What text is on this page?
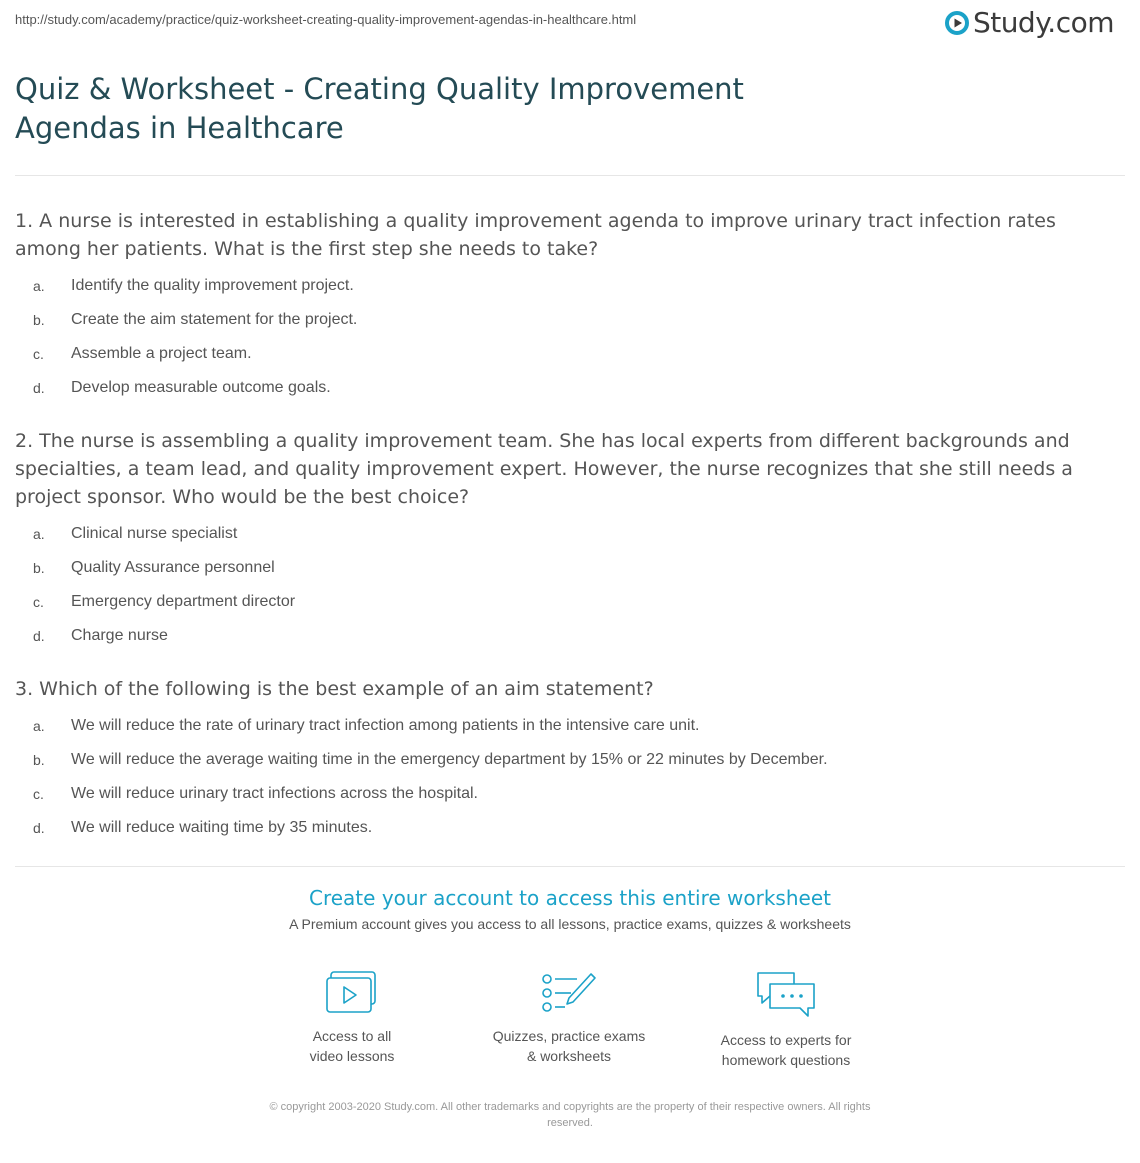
http://study.com/academy/practice/quiz-worksheet-creating-quality-improvement-agendas-in-healthcare.html	Study.com
Quiz & Worksheet - Creating Quality Improvement Agendas in Healthcare

1. A nurse is interested in establishing a quality improvement agenda to improve urinary tract infection rates among her patients. What is the first step she needs to take?

a.	Identify the quality improvement project.
b.	Create the aim statement for the project.
c.	Assemble a project team.
d.	Develop measurable outcome goals.

2. The nurse is assembling a quality improvement team. She has local experts from different backgrounds and specialties, a team lead, and quality improvement expert. However, the nurse recognizes that she still needs a project sponsor. Who would be the best choice?

a.	Clinical nurse specialist
b.	Quality Assurance personnel
c.	Emergency department director
d.	Charge nurse

3. Which of the following is the best example of an aim statement?

a.	We will reduce the rate of urinary tract infection among patients in the intensive care unit.
b.	We will reduce the average waiting time in the emergency department by 15% or 22 minutes by December.
c.	We will reduce urinary tract infections across the hospital.
d.	We will reduce waiting time by 35 minutes.
Create your account to access this entire worksheet
A Premium account gives you access to all lessons, practice exams, quizzes & worksheets
Access to all
video lessons
Quizzes, practice exams
& worksheets
Access to experts for
homework questions
© copyright 2003-2020 Study.com. All other trademarks and copyrights are the property of their respective owners. All rights
reserved.
